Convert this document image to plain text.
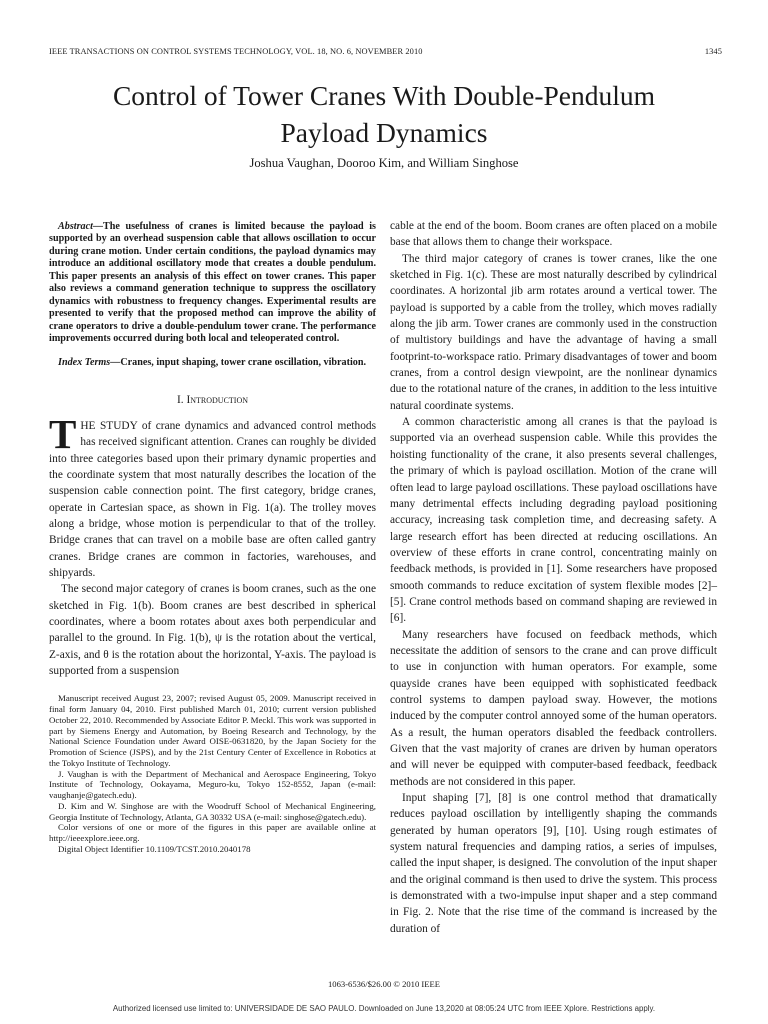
IEEE TRANSACTIONS ON CONTROL SYSTEMS TECHNOLOGY, VOL. 18, NO. 6, NOVEMBER 2010	1345
Control of Tower Cranes With Double-Pendulum
Payload Dynamics
Joshua Vaughan, Dooroo Kim, and William Singhose

Abstract—The usefulness of cranes is limited because the payload is supported by an overhead suspension cable that allows oscillation to occur during crane motion. Under certain conditions, the payload dynamics may introduce an additional oscillatory mode that creates a double pendulum. This paper presents an analysis of this effect on tower cranes. This paper also reviews a command generation technique to suppress the oscillatory dynamics with robustness to frequency changes. Experimental results are presented to verify that the proposed method can improve the ability of crane operators to drive a double-pendulum tower crane. The performance improvements occurred during both local and teleoperated control.

Index Terms—Cranes, input shaping, tower crane oscillation, vibration.

I. Introduction

THE STUDY of crane dynamics and advanced control methods has received significant attention. Cranes can roughly be divided into three categories based upon their primary dynamic properties and the coordinate system that most naturally describes the location of the suspension cable connection point. The first category, bridge cranes, operate in Cartesian space, as shown in Fig. 1(a). The trolley moves along a bridge, whose motion is perpendicular to that of the trolley. Bridge cranes that can travel on a mobile base are often called gantry cranes. Bridge cranes are common in factories, warehouses, and shipyards.

The second major category of cranes is boom cranes, such as the one sketched in Fig. 1(b). Boom cranes are best described in spherical coordinates, where a boom rotates about axes both perpendicular and parallel to the ground. In Fig. 1(b), ψ is the rotation about the vertical, Z-axis, and θ is the rotation about the horizontal, Y-axis. The payload is supported from a suspension

Manuscript received August 23, 2007; revised August 05, 2009. Manuscript received in final form January 04, 2010. First published March 01, 2010; current version published October 22, 2010. Recommended by Associate Editor P. Meckl. This work was supported in part by Siemens Energy and Automation, by Boeing Research and Technology, by the National Science Foundation under Award OISE-0631820, by the Japan Society for the Promotion of Science (JSPS), and by the 21st Century Center of Excellence in Robotics at the Tokyo Institute of Technology.

J. Vaughan is with the Department of Mechanical and Aerospace Engineering, Tokyo Institute of Technology, Ookayama, Meguro-ku, Tokyo 152-8552, Japan (e-mail: vaughanje@gatech.edu).

D. Kim and W. Singhose are with the Woodruff School of Mechanical Engineering, Georgia Institute of Technology, Atlanta, GA 30332 USA (e-mail: singhose@gatech.edu).

Color versions of one or more of the figures in this paper are available online at http://ieeexplore.ieee.org.

Digital Object Identifier 10.1109/TCST.2010.2040178

cable at the end of the boom. Boom cranes are often placed on a mobile base that allows them to change their workspace.

The third major category of cranes is tower cranes, like the one sketched in Fig. 1(c). These are most naturally described by cylindrical coordinates. A horizontal jib arm rotates around a vertical tower. The payload is supported by a cable from the trolley, which moves radially along the jib arm. Tower cranes are commonly used in the construction of multistory buildings and have the advantage of having a small footprint-to-workspace ratio. Primary disadvantages of tower and boom cranes, from a control design viewpoint, are the nonlinear dynamics due to the rotational nature of the cranes, in addition to the less intuitive natural coordinate systems.

A common characteristic among all cranes is that the payload is supported via an overhead suspension cable. While this provides the hoisting functionality of the crane, it also presents several challenges, the primary of which is payload oscillation. Motion of the crane will often lead to large payload oscillations. These payload oscillations have many detrimental effects including degrading payload positioning accuracy, increasing task completion time, and decreasing safety. A large research effort has been directed at reducing oscillations. An overview of these efforts in crane control, concentrating mainly on feedback methods, is provided in [1]. Some researchers have proposed smooth commands to reduce excitation of system flexible modes [2]–[5]. Crane control methods based on command shaping are reviewed in [6].

Many researchers have focused on feedback methods, which necessitate the addition of sensors to the crane and can prove difficult to use in conjunction with human operators. For example, some quayside cranes have been equipped with sophisticated feedback control systems to dampen payload sway. However, the motions induced by the computer control annoyed some of the human operators. As a result, the human operators disabled the feedback controllers. Given that the vast majority of cranes are driven by human operators and will never be equipped with computer-based feedback, feedback methods are not considered in this paper.

Input shaping [7], [8] is one control method that dramatically reduces payload oscillation by intelligently shaping the commands generated by human operators [9], [10]. Using rough estimates of system natural frequencies and damping ratios, a series of impulses, called the input shaper, is designed. The convolution of the input shaper and the original command is then used to drive the system. This process is demonstrated with a two-impulse input shaper and a step command in Fig. 2. Note that the rise time of the command is increased by the duration of

1063-6536/$26.00 © 2010 IEEE
Authorized licensed use limited to: UNIVERSIDADE DE SAO PAULO. Downloaded on June 13,2020 at 08:05:24 UTC from IEEE Xplore. Restrictions apply.
